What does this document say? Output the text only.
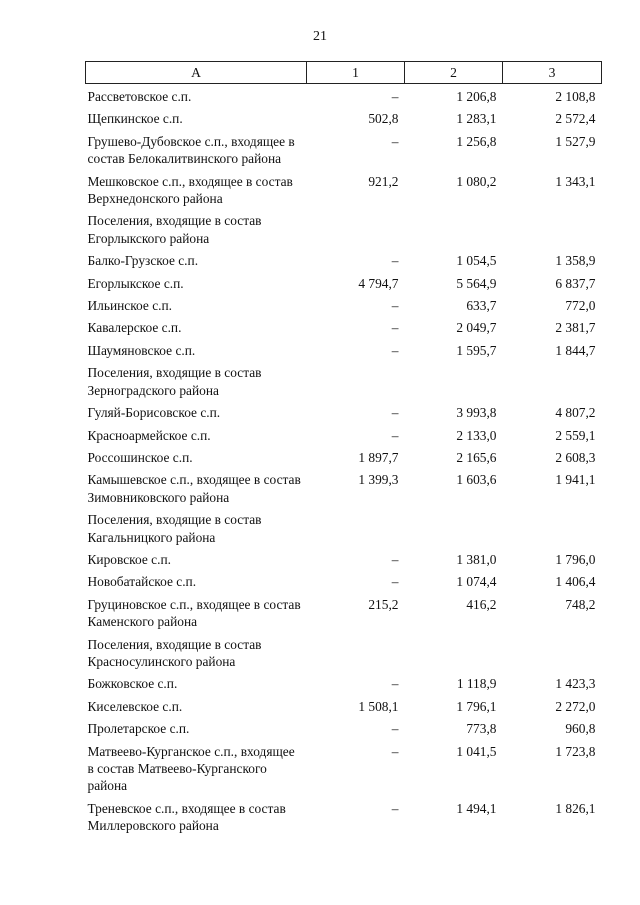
21
А	1	2	3
Рассветовское с.п.	–	1 206,8	2 108,8
Щепкинское с.п.	502,8	1 283,1	2 572,4
Грушево-Дубовское с.п., входящее в состав Белокалитвинского района	–	1 256,8	1 527,9
Мешковское с.п., входящее в состав Верхнедонского района	921,2	1 080,2	1 343,1
Поселения, входящие в состав Егорлыкского района			
Балко-Грузское с.п.	–	1 054,5	1 358,9
Егорлыкское с.п.	4 794,7	5 564,9	6 837,7
Ильинское с.п.	–	633,7	772,0
Кавалерское с.п.	–	2 049,7	2 381,7
Шаумяновское с.п.	–	1 595,7	1 844,7
Поселения, входящие в состав Зерноградского района			
Гуляй-Борисовское с.п.	–	3 993,8	4 807,2
Красноармейское с.п.	–	2 133,0	2 559,1
Россошинское с.п.	1 897,7	2 165,6	2 608,3
Камышевское с.п., входящее в состав Зимовниковского района	1 399,3	1 603,6	1 941,1
Поселения, входящие в состав Кагальницкого района			
Кировское с.п.	–	1 381,0	1 796,0
Новобатайское с.п.	–	1 074,4	1 406,4
Груциновское с.п., входящее в состав Каменского района	215,2	416,2	748,2
Поселения, входящие в состав Красносулинского района			
Божковское с.п.	–	1 118,9	1 423,3
Киселевское с.п.	1 508,1	1 796,1	2 272,0
Пролетарское с.п.	–	773,8	960,8
Матвеево-Курганское с.п., входящее в состав Матвеево-Курганского района	–	1 041,5	1 723,8
Треневское с.п., входящее в состав Миллеровского района	–	1 494,1	1 826,1
